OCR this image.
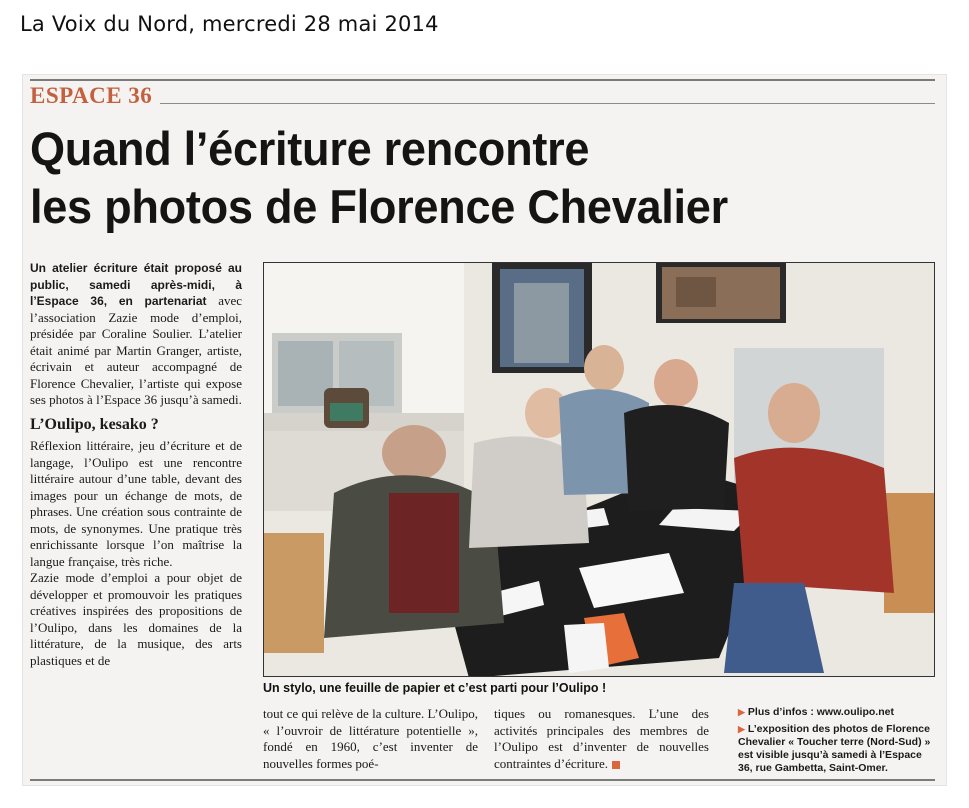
La Voix du Nord, mercredi 28 mai 2014
ESPACE 36
Quand l’écriture rencontre
les photos de Florence Chevalier

Un atelier écriture était proposé au public, samedi après-midi, à l’Espace 36, en partenariat avec l’association Zazie mode d’emploi, présidée par Coraline Soulier. L’atelier était animé par Martin Granger, artiste, écrivain et auteur accompagné de Florence Chevalier, l’artiste qui expose ses photos à l’Espace 36 jusqu’à samedi.

L’Oulipo, kesako ?

Réflexion littéraire, jeu d’écriture et de langage, l’Oulipo est une rencontre littéraire autour d’une table, devant des images pour un échange de mots, de phrases. Une création sous contrainte de mots, de synonymes. Une pratique très enrichissante lorsque l’on maîtrise la langue française, très riche.

Zazie mode d’emploi a pour objet de développer et promouvoir les pratiques créatives inspirées des propositions de l’Oulipo, dans les domaines de la littérature, de la musique, des arts plastiques et de

Un stylo, une feuille de papier et c’est parti pour l’Oulipo !

tout ce qui relève de la culture. L’Oulipo, « l’ouvroir de littérature potentielle », fondé en 1960, c’est inventer de nouvelles formes poé-

tiques ou romanesques. L’une des activités principales des membres de l’Oulipo est d’inventer de nouvelles contraintes d’écriture.

▶ Plus d’infos : www.oulipo.net

▶ L’exposition des photos de Florence Chevalier « Toucher terre (Nord-Sud) » est visible jusqu’à samedi à l’Espace 36, rue Gambetta, Saint-Omer.
